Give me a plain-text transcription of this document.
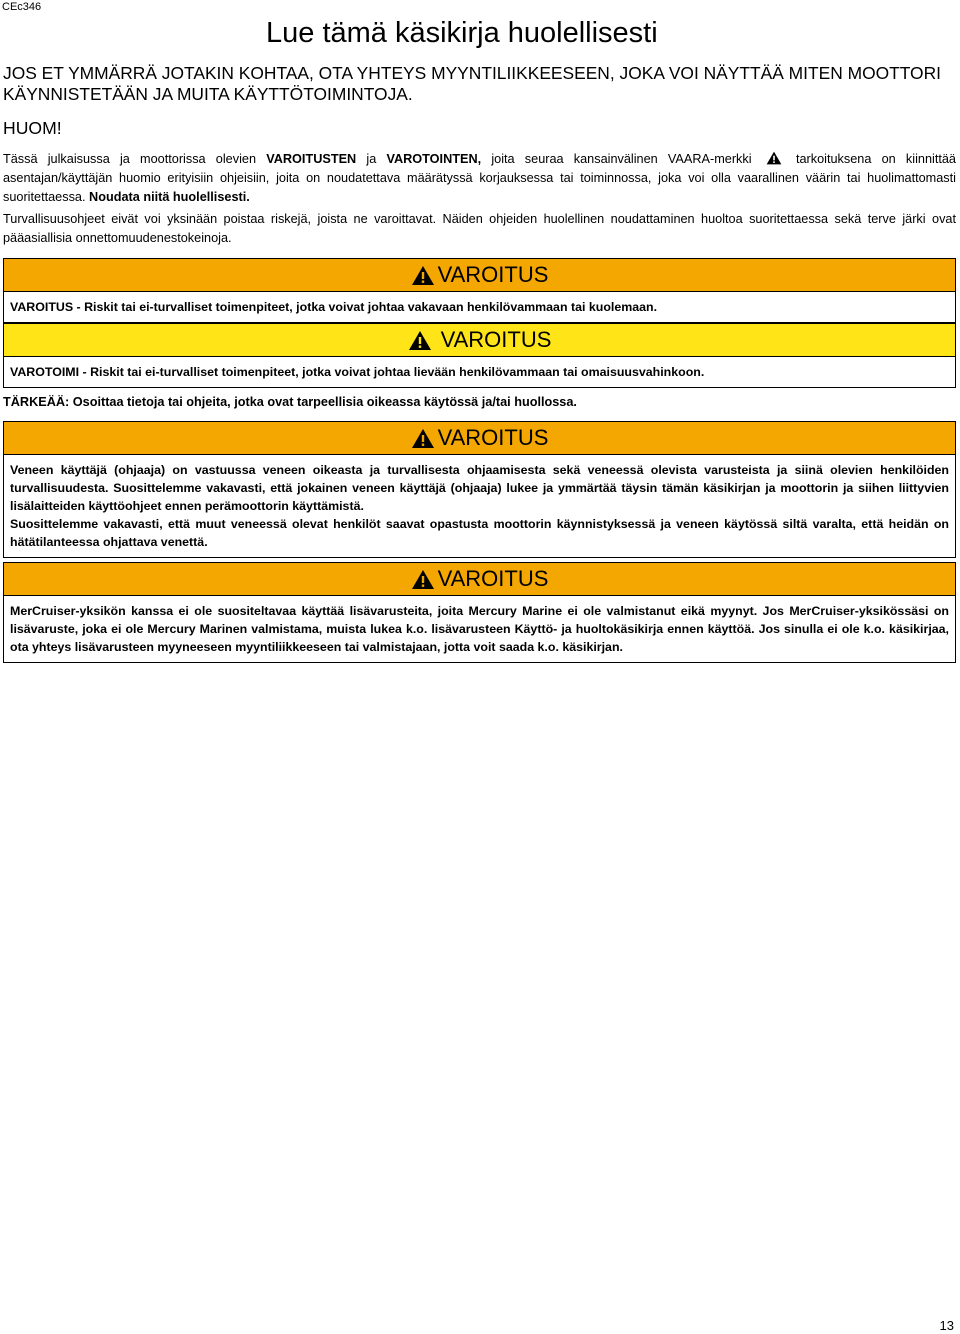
CEc346
Lue tämä käsikirja huolellisesti
JOS ET YMMÄRRÄ JOTAKIN KOHTAA, OTA YHTEYS MYYNTILIIKKEESEEN, JOKA VOI NÄYTTÄÄ MITEN MOOTTORI KÄYNNISTETÄÄN JA MUITA KÄYTTÖTOIMINTOJA.
HUOM!

Tässä julkaisussa ja moottorissa olevien VAROITUSTEN ja VAROTOINTEN, joita seuraa kansainvälinen VAARA-merkki	tarkoituksena on kiinnittää asentajan/käyttäjän huomio erityisiin ohjeisiin, joita on noudatettava määrätyssä korjauksessa tai toiminnossa, joka voi olla vaarallinen väärin tai huolimattomasti suoritettaessa. Noudata niitä huolellisesti.

Turvallisuusohjeet eivät voi yksinään poistaa riskejä, joista ne varoittavat. Näiden ohjeiden huolellinen noudattaminen huoltoa suoritettaessa sekä terve järki ovat pääasiallisia onnettomuudenestokeinoja.

VAROITUS
VAROITUS - Riskit tai ei-turvalliset toimenpiteet, jotka voivat johtaa vakavaan henkilövammaan tai kuolemaan.
VAROITUS
VAROTOIMI - Riskit tai ei-turvalliset toimenpiteet, jotka voivat johtaa lievään henkilövammaan tai omaisuusvahinkoon.
TÄRKEÄÄ: Osoittaa tietoja tai ohjeita, jotka ovat tarpeellisia oikeassa käytössä ja/tai huollossa.
VAROITUS
Veneen käyttäjä (ohjaaja) on vastuussa veneen oikeasta ja turvallisesta ohjaamisesta sekä veneessä olevista varusteista ja siinä olevien henkilöiden turvallisuudesta. Suosittelemme vakavasti, että jokainen veneen käyttäjä (ohjaaja) lukee ja ymmärtää täysin tämän käsikirjan ja moottorin ja siihen liittyvien lisälaitteiden käyttöohjeet ennen perämoottorin käyttämistä.
Suosittelemme vakavasti, että muut veneessä olevat henkilöt saavat opastusta moottorin käynnistyksessä ja veneen käytössä siltä varalta, että heidän on hätätilanteessa ohjattava venettä.
VAROITUS
MerCruiser-yksikön kanssa ei ole suositeltavaa käyttää lisävarusteita, joita Mercury Marine ei ole valmistanut eikä myynyt. Jos MerCruiser-yksikössäsi on lisävaruste, joka ei ole Mercury Marinen valmistama, muista lukea k.o. lisävarusteen Käyttö- ja huoltokäsikirja ennen käyttöä. Jos sinulla ei ole k.o. käsikirjaa, ota yhteys lisävarusteen myyneeseen myyntiliikkeeseen tai valmistajaan, jotta voit saada k.o. käsikirjan.
13
